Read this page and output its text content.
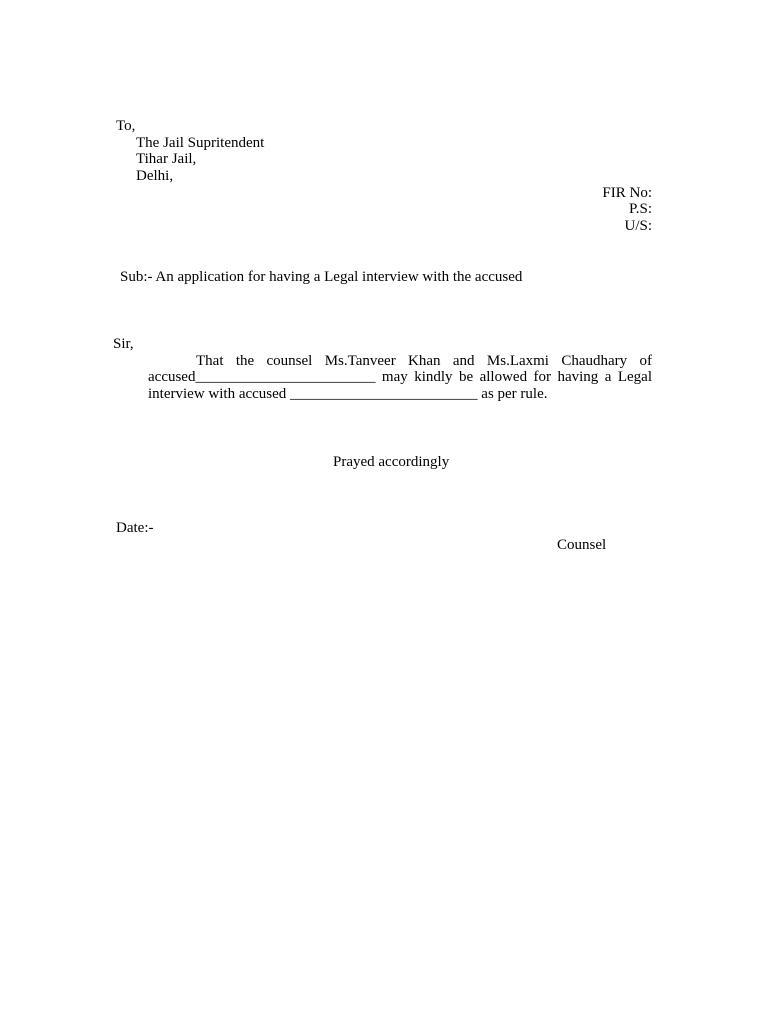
To,
The Jail Supritendent
Tihar Jail,
Delhi,
FIR No:
P.S:
U/S:
Sub:- An application for having a Legal interview with the accused
Sir,
That the counsel Ms.Tanveer Khan and Ms.Laxmi Chaudhary of
accused________________________ may kindly be allowed for having a Legal
interview with accused _________________________ as per rule.
Prayed accordingly
Date:-
Counsel
